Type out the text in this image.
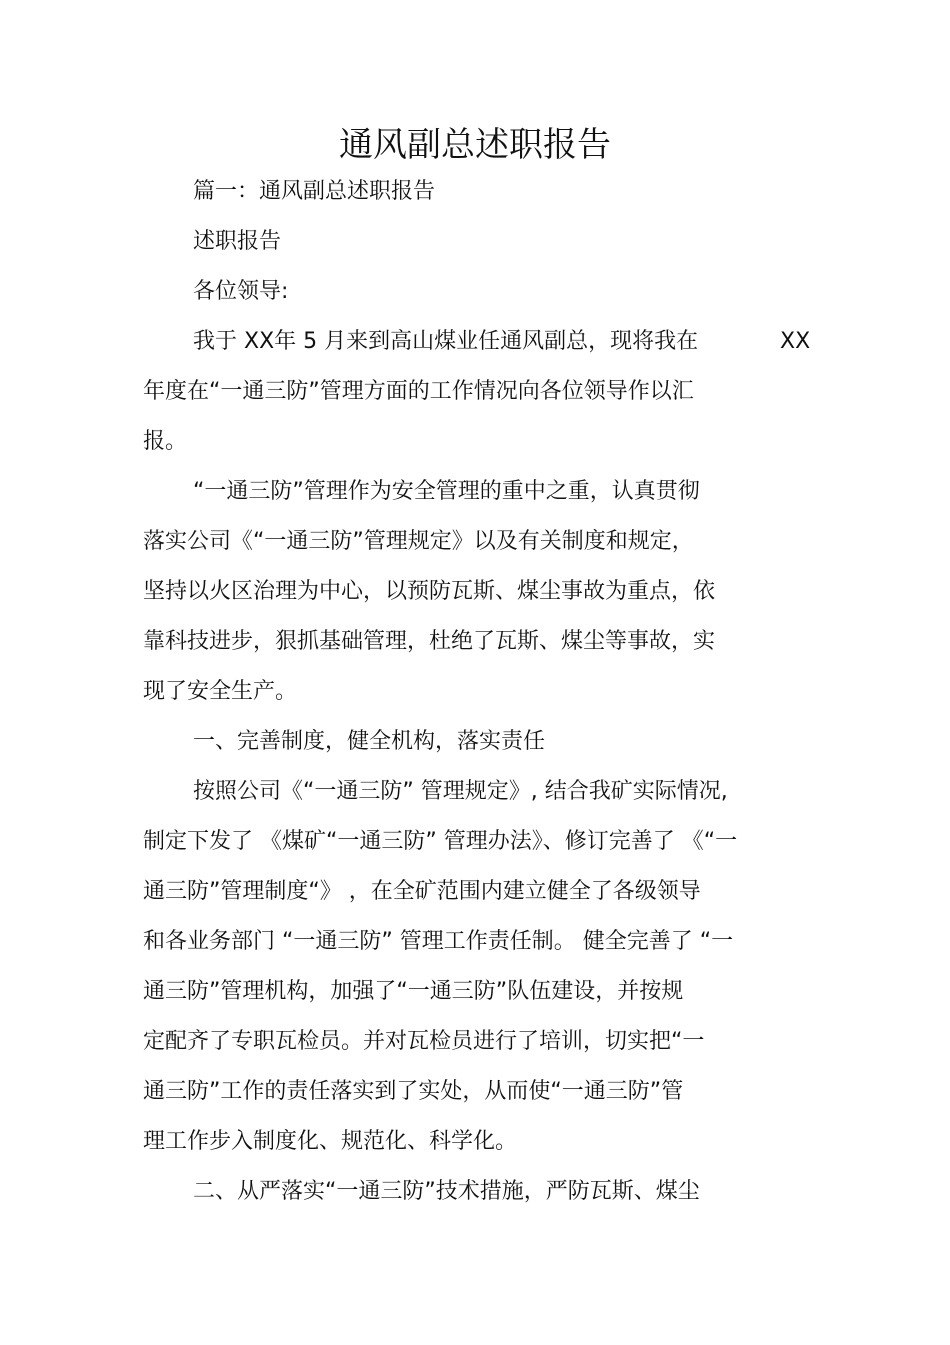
通风副总述职报告
篇一：通风副总述职报告
述职报告
各位领导:
我于 XX年 5 月来到高山煤业任通风副总，现将我在	XX
年度在“一通三防”管理方面的工作情况向各位领导作以汇
报。
“一通三防”管理作为安全管理的重中之重，认真贯彻
落实公司《“一通三防”管理规定》以及有关制度和规定，
坚持以火区治理为中心，以预防瓦斯、煤尘事故为重点，依
靠科技进步，狠抓基础管理，杜绝了瓦斯、煤尘等事故，实
现了安全生产。
一、完善制度，健全机构，落实责任
按照公司《“一通三防” 管理规定》, 结合我矿实际情况,
制定下发了 《煤矿“一通三防” 管理办法》、修订完善了 《“一
通三防”管理制度“》 ，在全矿范围内建立健全了各级领导
和各业务部门 “一通三防” 管理工作责任制。 健全完善了 “一
通三防”管理机构，加强了“一通三防”队伍建设，并按规
定配齐了专职瓦检员。并对瓦检员进行了培训，切实把“一
通三防”工作的责任落实到了实处，从而使“一通三防”管
理工作步入制度化、规范化、科学化。
二、从严落实“一通三防”技术措施，严防瓦斯、煤尘
